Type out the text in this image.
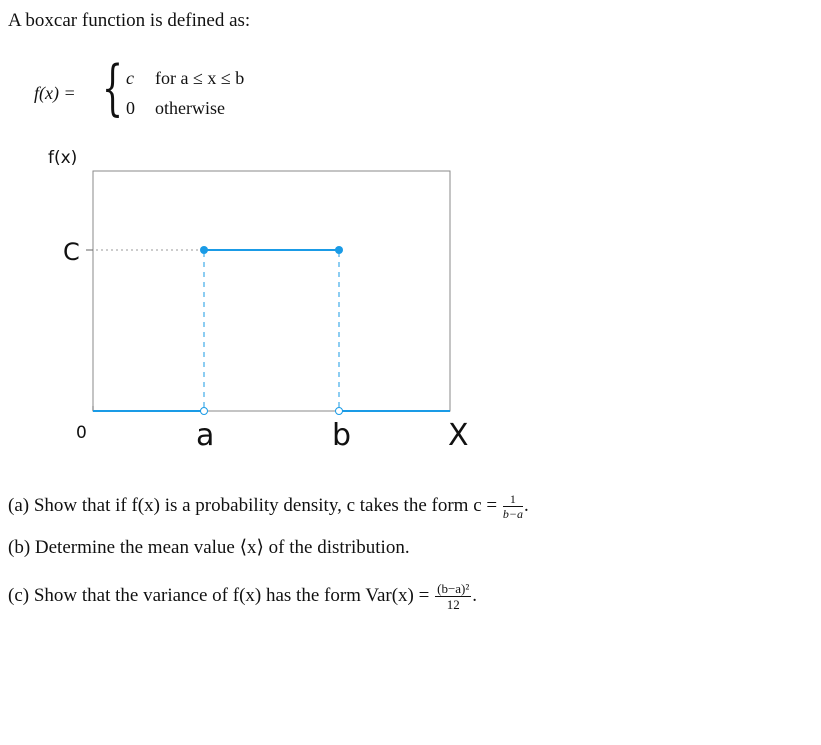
A boxcar function is defined as:
f(x) = { c for a ≤ x ≤ b
0 otherwise
f(x)
C
0	a	b	X
(a) Show that if f(x) is a probability density, c takes the form $c = \frac{1}{b-a}$ .
(b) Determine the mean value ⟨x⟩ of the distribution.
(c) Show that the variance of f(x) has the form $Var(x) = \frac{\text{(b−a)²}}{12}$ .
